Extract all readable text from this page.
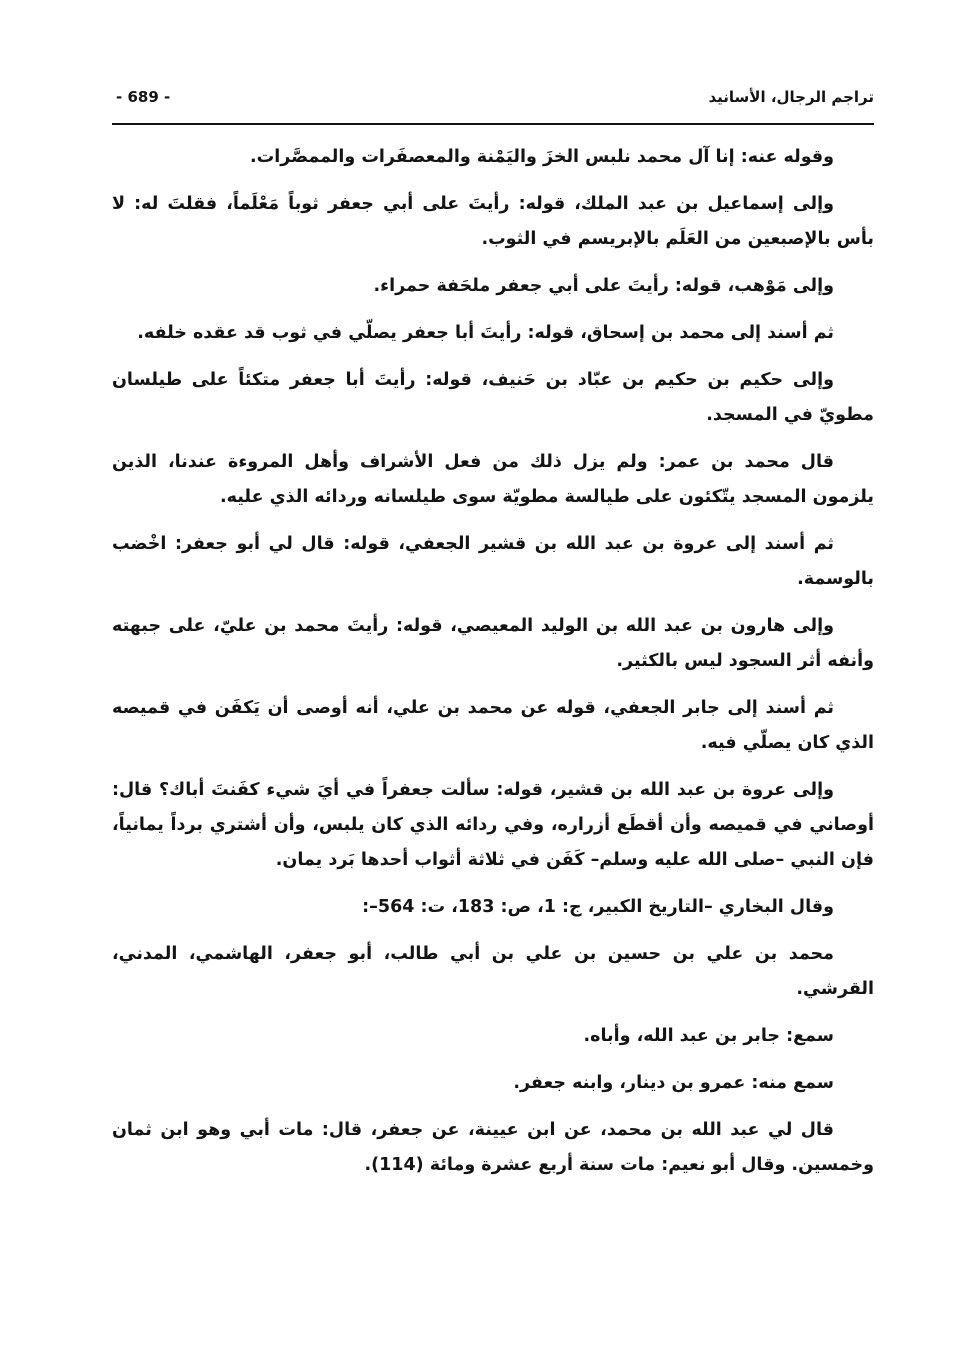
تراجم الرجال، الأسانيد
- 689 -

وقوله عنه: إنا آل محمد نلبس الخزَ واليَمْنة والمعصفَرات والممصَّرات.

وإلى إسماعيل بن عبد الملك، قوله: رأيتَ على أبي جعفر ثوباً مَعْلَماً، فقلتَ له: لا بأس بالإصبعين من العَلَم بالإبريسم في الثوب.

وإلى مَوْهب، قوله: رأيتَ على أبي جعفر ملحَفة حمراء.

ثم أسند إلى محمد بن إسحاق، قوله: رأيتَ أبا جعفر يصلّي في ثوب قد عقده خلفه.

وإلى حكيم بن حكيم بن عبّاد بن حَنيف، قوله: رأيتَ أبا جعفر متكئاً على طيلسان مطويّ في المسجد.

قال محمد بن عمر: ولم يزل ذلك من فعل الأشراف وأهل المروءة عندنا، الذين يلزمون المسجد يتّكئون على طيالسة مطويّة سوى طيلسانه وردائه الذي عليه.

ثم أسند إلى عروة بن عبد الله بن قشير الجعفي، قوله: قال لي أبو جعفر: اخْضب بالوسمة.

وإلى هارون بن عبد الله بن الوليد المعيصي، قوله: رأيتَ محمد بن عليّ، على جبهته وأنفه أثر السجود ليس بالكثير.

ثم أسند إلى جابر الجعفي، قوله عن محمد بن علي، أنه أوصى أن يَكفَن في قميصه الذي كان يصلّي فيه.

وإلى عروة بن عبد الله بن قشير، قوله: سألت جعفراً في أيَ شيء كفَنتَ أباك؟ قال: أوصاني في قميصه وأن أقطَع أزراره، وفي ردائه الذي كان يلبس، وأن أشتري برداً يمانياً، فإن النبي –صلى الله عليه وسلم– كَفَن في ثلاثة أثواب أحدها بَرد يمان.

وقال البخاري –التاريخ الكبير، ج: 1، ص: 183، ت: 564–:

محمد بن علي بن حسين بن علي بن أبي طالب، أبو جعفر، الهاشمي، المدني، القرشي.

سمع: جابر بن عبد الله، وأباه.

سمع منه: عمرو بن دينار، وابنه جعفر.

قال لي عبد الله بن محمد، عن ابن عيينة، عن جعفر، قال: مات أبي وهو ابن ثمان وخمسين. وقال أبو نعيم: مات سنة أربع عشرة ومائة (114).
